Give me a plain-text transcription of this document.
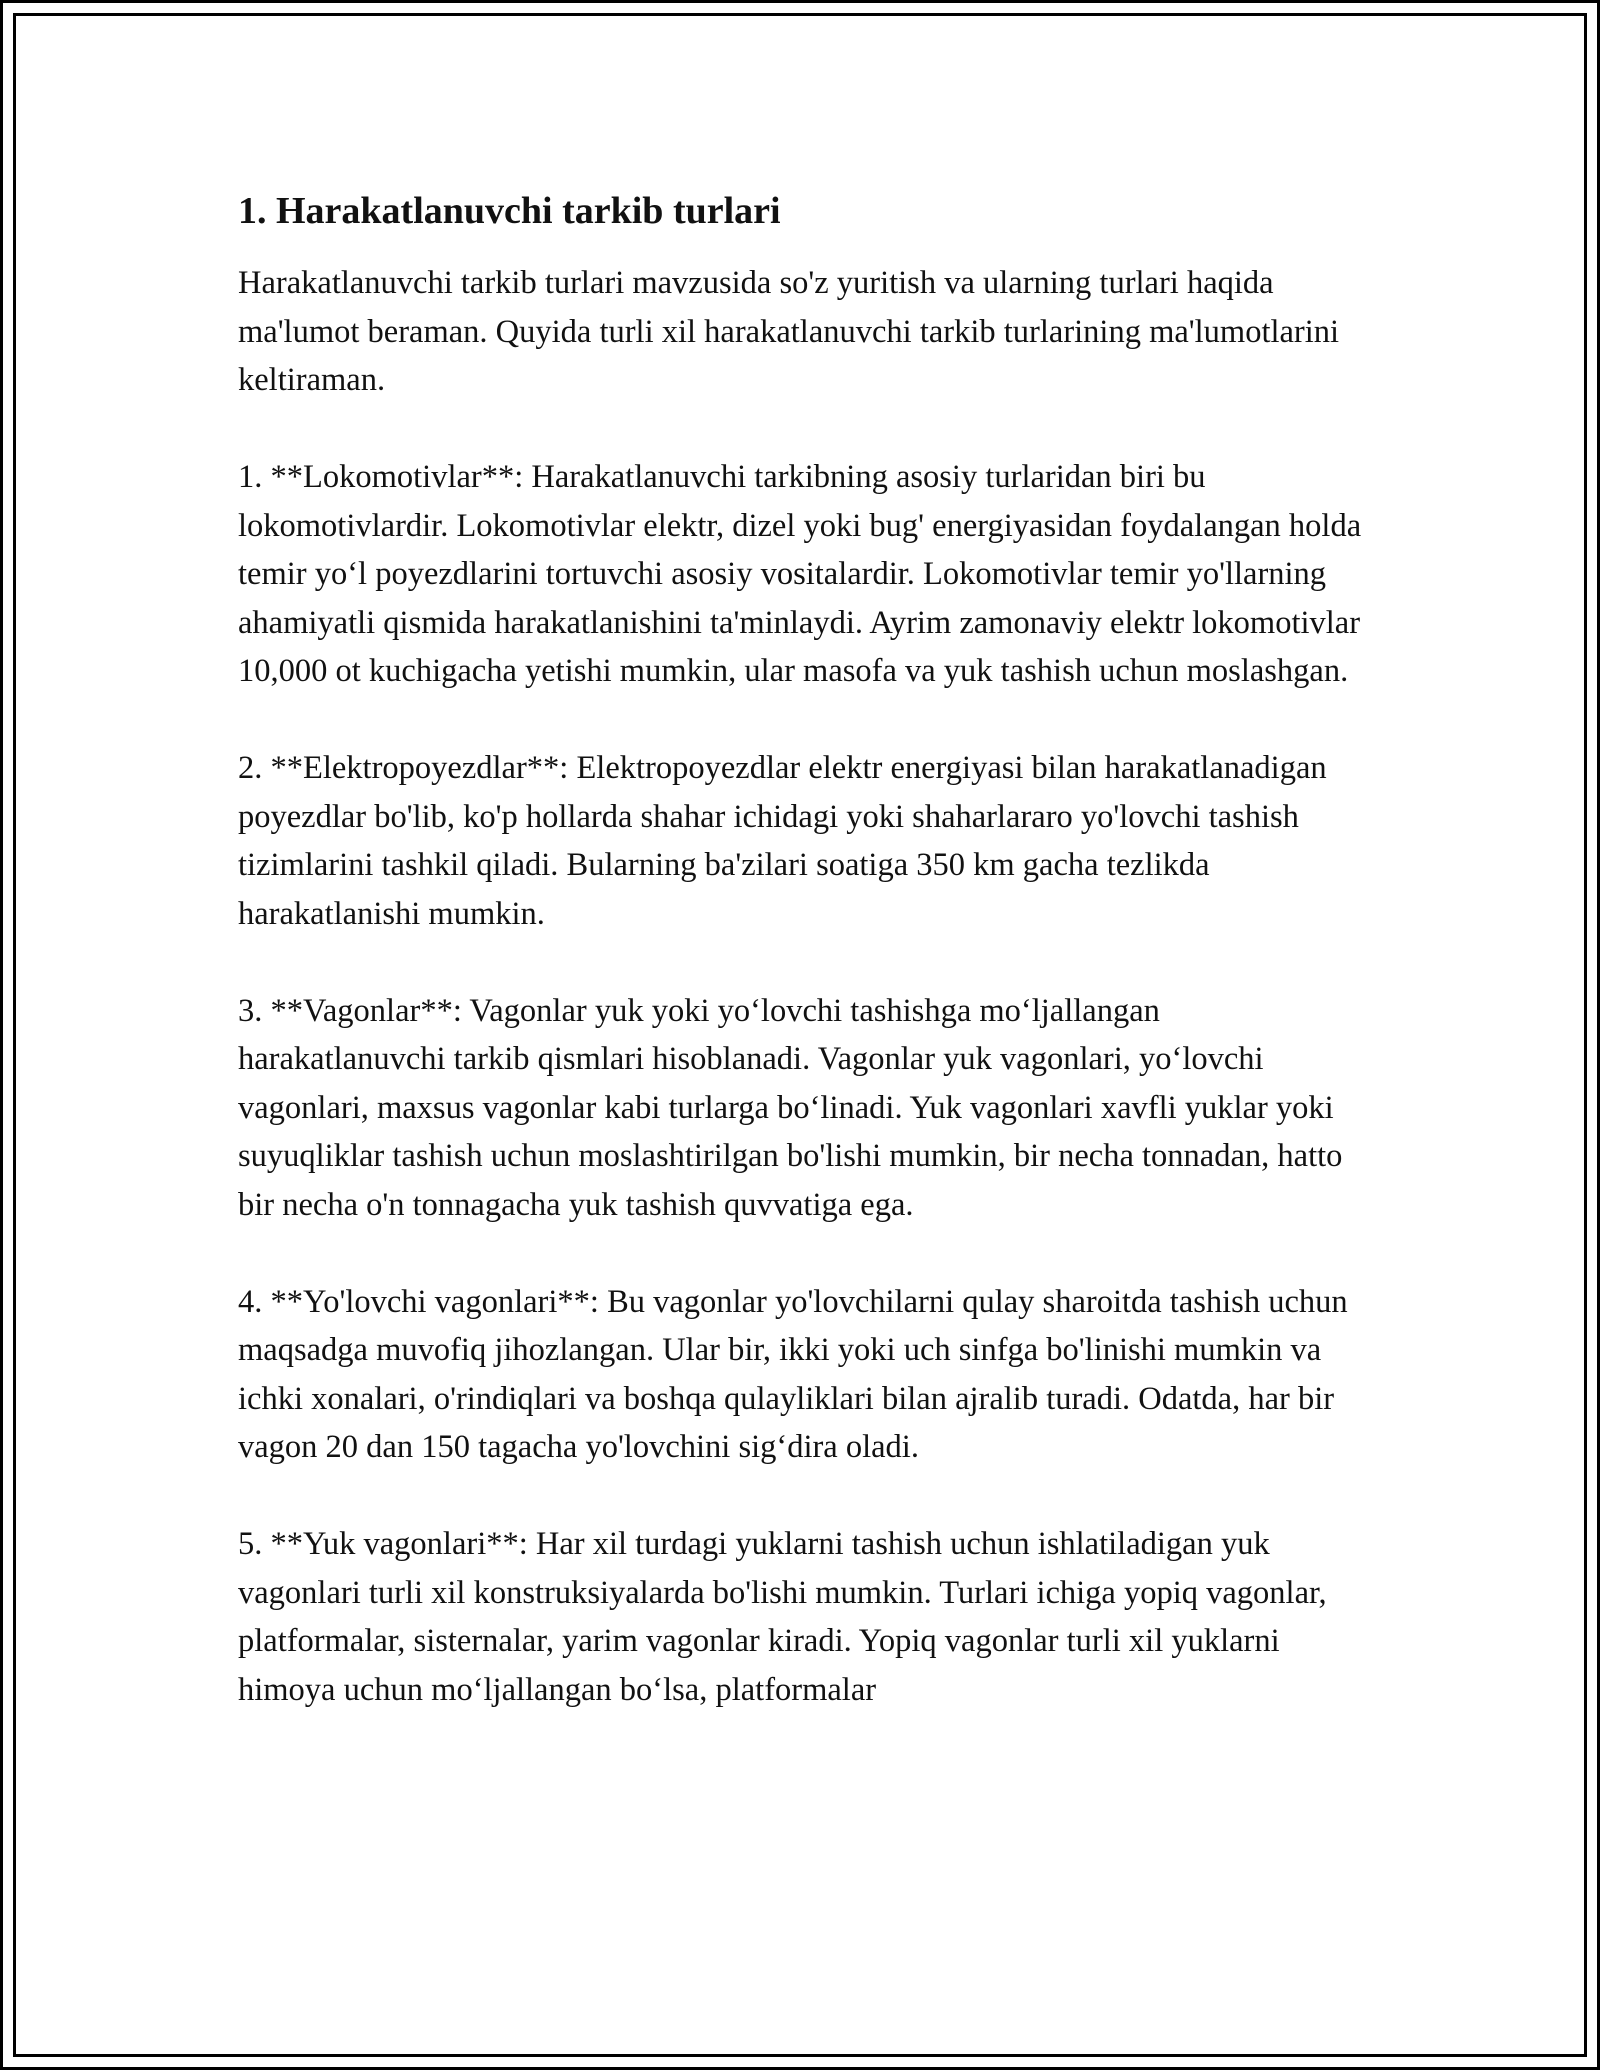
1. Harakatlanuvchi tarkib turlari

Harakatlanuvchi tarkib turlari mavzusida so'z yuritish va ularning turlari haqida ma'lumot beraman. Quyida turli xil harakatlanuvchi tarkib turlarining ma'lumotlarini keltiraman.

1. **Lokomotivlar**: Harakatlanuvchi tarkibning asosiy turlaridan biri bu lokomotivlardir. Lokomotivlar elektr, dizel yoki bug' energiyasidan foydalangan holda temir yo‘l poyezdlarini tortuvchi asosiy vositalardir. Lokomotivlar temir yo'llarning ahamiyatli qismida harakatlanishini ta'minlaydi. Ayrim zamonaviy elektr lokomotivlar 10,000 ot kuchigacha yetishi mumkin, ular masofa va yuk tashish uchun moslashgan.

2. **Elektropoyezdlar**: Elektropoyezdlar elektr energiyasi bilan harakatlanadigan poyezdlar bo'lib, ko'p hollarda shahar ichidagi yoki shaharlararo yo'lovchi tashish tizimlarini tashkil qiladi. Bularning ba'zilari soatiga 350 km gacha tezlikda harakatlanishi mumkin.

3. **Vagonlar**: Vagonlar yuk yoki yo‘lovchi tashishga mo‘ljallangan harakatlanuvchi tarkib qismlari hisoblanadi. Vagonlar yuk vagonlari, yo‘lovchi vagonlari, maxsus vagonlar kabi turlarga bo‘linadi. Yuk vagonlari xavfli yuklar yoki suyuqliklar tashish uchun moslashtirilgan bo'lishi mumkin, bir necha tonnadan, hatto bir necha o'n tonnagacha yuk tashish quvvatiga ega.

4. **Yo'lovchi vagonlari**: Bu vagonlar yo'lovchilarni qulay sharoitda tashish uchun maqsadga muvofiq jihozlangan. Ular bir, ikki yoki uch sinfga bo'linishi mumkin va ichki xonalari, o'rindiqlari va boshqa qulayliklari bilan ajralib turadi. Odatda, har bir vagon 20 dan 150 tagacha yo'lovchini sig‘dira oladi.

5. **Yuk vagonlari**: Har xil turdagi yuklarni tashish uchun ishlatiladigan yuk vagonlari turli xil konstruksiyalarda bo'lishi mumkin. Turlari ichiga yopiq vagonlar, platformalar, sisternalar, yarim vagonlar kiradi. Yopiq vagonlar turli xil yuklarni himoya uchun mo‘ljallangan bo‘lsa, platformalar
